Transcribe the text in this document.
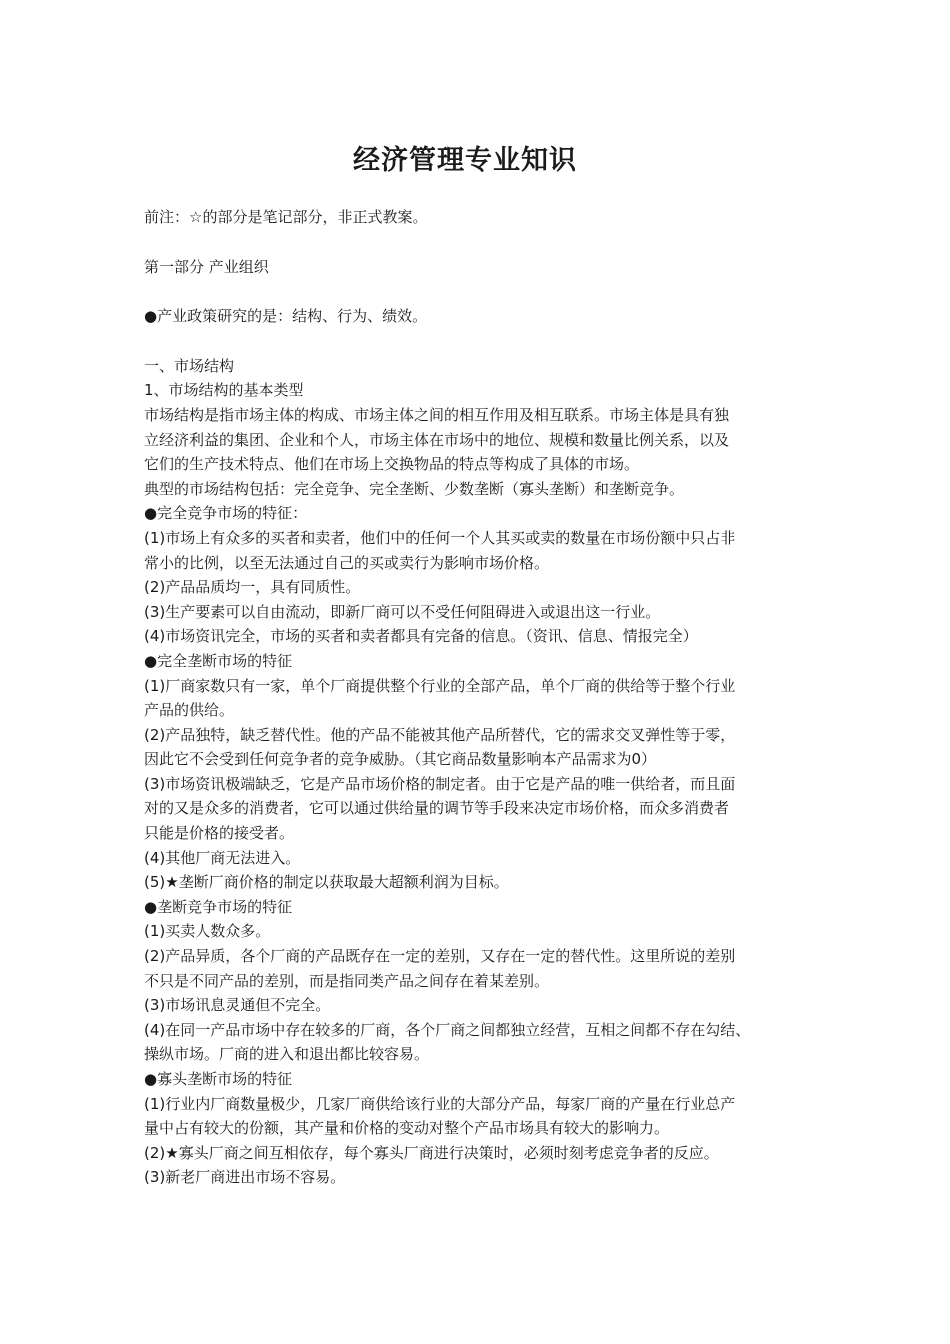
经济管理专业知识

前注：☆的部分是笔记部分，非正式教案。

第一部分 产业组织

●产业政策研究的是：结构、行为、绩效。

一、市场结构

1、市场结构的基本类型

市场结构是指市场主体的构成、市场主体之间的相互作用及相互联系。市场主体是具有独

立经济利益的集团、企业和个人，市场主体在市场中的地位、规模和数量比例关系，以及

它们的生产技术特点、他们在市场上交换物品的特点等构成了具体的市场。

典型的市场结构包括：完全竞争、完全垄断、少数垄断（寡头垄断）和垄断竞争。

●完全竞争市场的特征：

(1)市场上有众多的买者和卖者，他们中的任何一个人其买或卖的数量在市场份额中只占非

常小的比例，以至无法通过自己的买或卖行为影响市场价格。

(2)产品品质均一，具有同质性。

(3)生产要素可以自由流动，即新厂商可以不受任何阻碍进入或退出这一行业。

(4)市场资讯完全，市场的买者和卖者都具有完备的信息。（资讯、信息、情报完全）

●完全垄断市场的特征

(1)厂商家数只有一家，单个厂商提供整个行业的全部产品，单个厂商的供给等于整个行业

产品的供给。

(2)产品独特，缺乏替代性。他的产品不能被其他产品所替代，它的需求交叉弹性等于零，

因此它不会受到任何竞争者的竞争威胁。（其它商品数量影响本产品需求为0）

(3)市场资讯极端缺乏，它是产品市场价格的制定者。由于它是产品的唯一供给者，而且面

对的又是众多的消费者，它可以通过供给量的调节等手段来决定市场价格，而众多消费者

只能是价格的接受者。

(4)其他厂商无法进入。

(5)★垄断厂商价格的制定以获取最大超额利润为目标。

●垄断竞争市场的特征

(1)买卖人数众多。

(2)产品异质，各个厂商的产品既存在一定的差别，又存在一定的替代性。这里所说的差别

不只是不同产品的差别，而是指同类产品之间存在着某差别。

(3)市场讯息灵通但不完全。

(4)在同一产品市场中存在较多的厂商，各个厂商之间都独立经营，互相之间都不存在勾结、

操纵市场。厂商的进入和退出都比较容易。

●寡头垄断市场的特征

(1)行业内厂商数量极少，几家厂商供给该行业的大部分产品，每家厂商的产量在行业总产

量中占有较大的份额，其产量和价格的变动对整个产品市场具有较大的影响力。

(2)★寡头厂商之间互相依存，每个寡头厂商进行决策时，必须时刻考虑竞争者的反应。

(3)新老厂商进出市场不容易。
